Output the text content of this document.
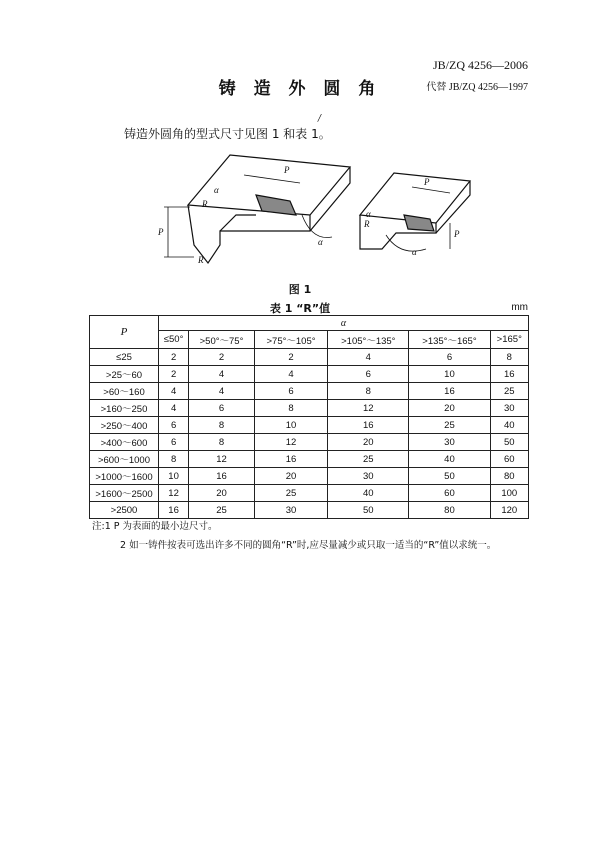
JB/ZQ 4256—2006
代替 JB/ZQ 4256—1997
铸 造 外 圆 角
/
铸造外圆角的型式尺寸见图 1 和表 1。
P
R
α
P
R
α
P
R
α
P
α
图 1
表 1 “R”值	mm
P	α					
	≤50°	>50°～75°	>75°～105°	>105°～135°	>135°～165°	>165°
≤25	2	2	2	4	6	8
>25～60	2	4	4	6	10	16
>60～160	4	4	6	8	16	25
>160～250	4	6	8	12	20	30
>250～400	6	8	10	16	25	40
>400～600	6	8	12	20	30	50
>600～1000	8	12	16	25	40	60
>1000～1600	10	16	20	30	50	80
>1600～2500	12	20	25	40	60	100
>2500	16	25	30	50	80	120
注:1 P 为表面的最小边尺寸。
2 如一铸件按表可选出许多不同的圆角“R”时,应尽量减少或只取一适当的“R”值以求统一。
